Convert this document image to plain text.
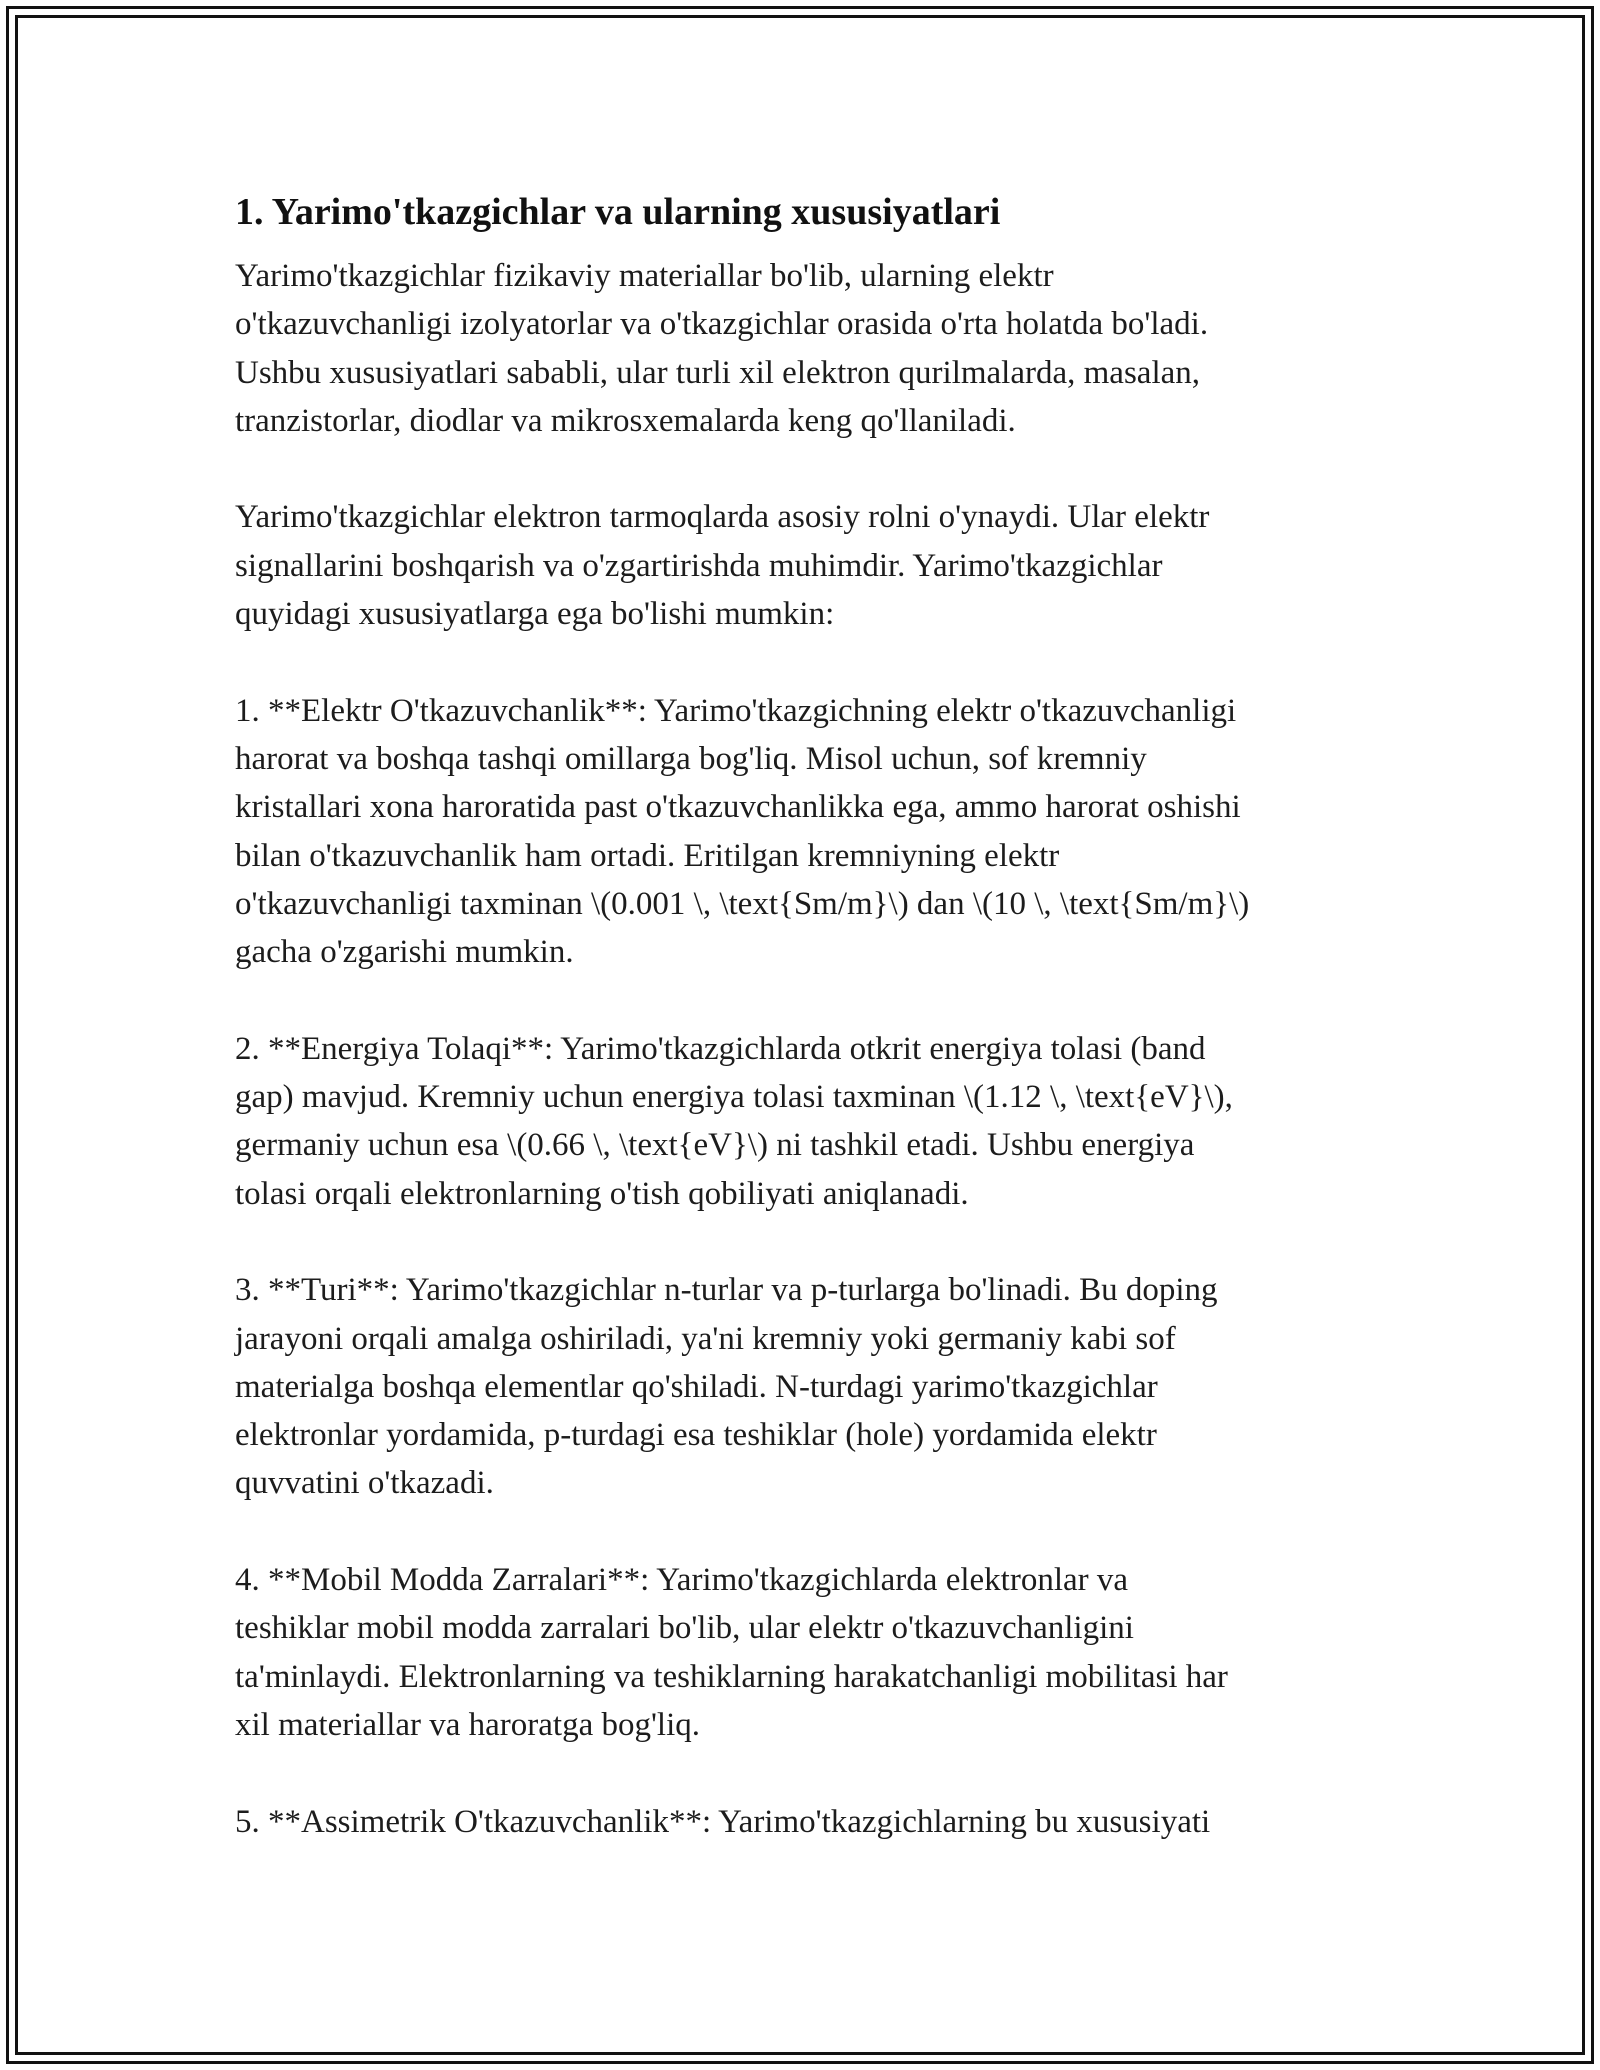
1. Yarimo'tkazgichlar va ularning xususiyatlari

Yarimo'tkazgichlar fizikaviy materiallar bo'lib, ularning elektr
o'tkazuvchanligi izolyatorlar va o'tkazgichlar orasida o'rta holatda bo'ladi.
Ushbu xususiyatlari sababli, ular turli xil elektron qurilmalarda, masalan,
tranzistorlar, diodlar va mikrosxemalarda keng qo'llaniladi.

Yarimo'tkazgichlar elektron tarmoqlarda asosiy rolni o'ynaydi. Ular elektr
signallarini boshqarish va o'zgartirishda muhimdir. Yarimo'tkazgichlar
quyidagi xususiyatlarga ega bo'lishi mumkin:

1. **Elektr O'tkazuvchanlik**: Yarimo'tkazgichning elektr o'tkazuvchanligi
harorat va boshqa tashqi omillarga bog'liq. Misol uchun, sof kremniy
kristallari xona haroratida past o'tkazuvchanlikka ega, ammo harorat oshishi
bilan o'tkazuvchanlik ham ortadi. Eritilgan kremniyning elektr
o'tkazuvchanligi taxminan \(0.001 \, \text{Sm/m}\) dan \(10 \, \text{Sm/m}\)
gacha o'zgarishi mumkin.

2. **Energiya Tolaqi**: Yarimo'tkazgichlarda otkrit energiya tolasi (band
gap) mavjud. Kremniy uchun energiya tolasi taxminan \(1.12 \, \text{eV}\),
germaniy uchun esa \(0.66 \, \text{eV}\) ni tashkil etadi. Ushbu energiya
tolasi orqali elektronlarning o'tish qobiliyati aniqlanadi.

3. **Turi**: Yarimo'tkazgichlar n-turlar va p-turlarga bo'linadi. Bu doping
jarayoni orqali amalga oshiriladi, ya'ni kremniy yoki germaniy kabi sof
materialga boshqa elementlar qo'shiladi. N-turdagi yarimo'tkazgichlar
elektronlar yordamida, p-turdagi esa teshiklar (hole) yordamida elektr
quvvatini o'tkazadi.

4. **Mobil Modda Zarralari**: Yarimo'tkazgichlarda elektronlar va
teshiklar mobil modda zarralari bo'lib, ular elektr o'tkazuvchanligini
ta'minlaydi. Elektronlarning va teshiklarning harakatchanligi mobilitasi har
xil materiallar va haroratga bog'liq.

5. **Assimetrik O'tkazuvchanlik**: Yarimo'tkazgichlarning bu xususiyati
